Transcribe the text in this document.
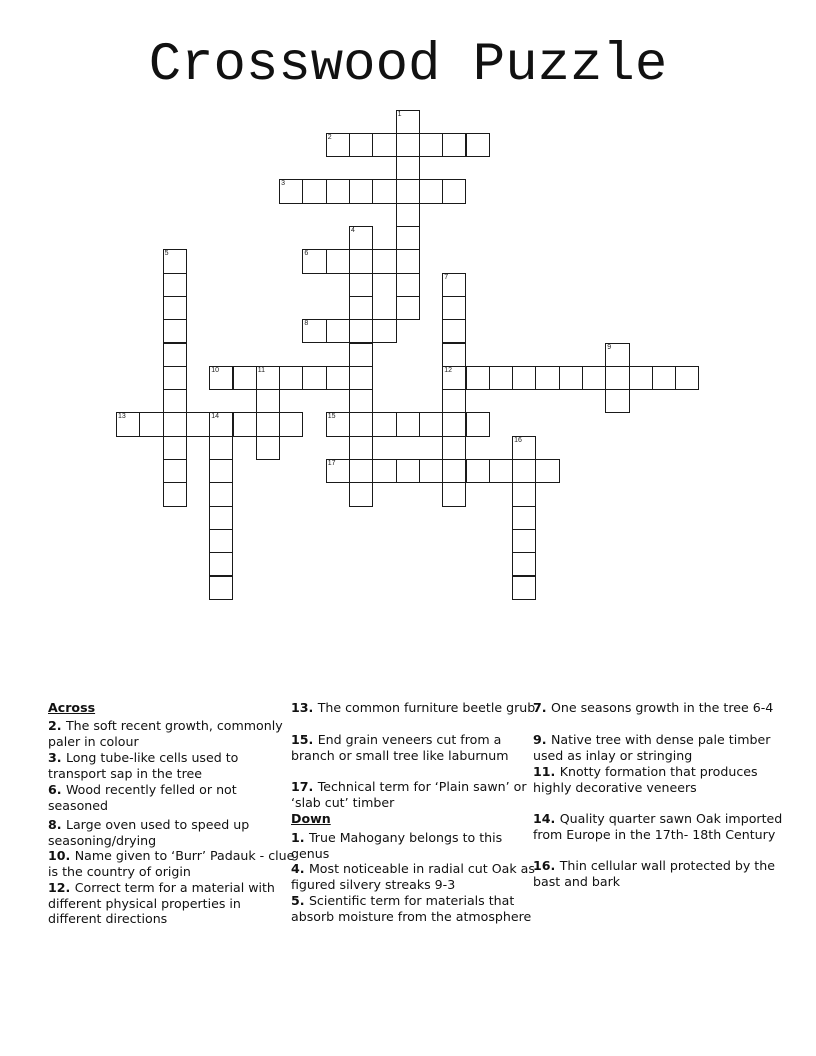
Crosswood Puzzle
1
2
3
4
5	6
7
12
8
9
10	11
13	14	15
16
17
Across
2. The soft recent growth, commonly paler in colour
3. Long tube-like cells used to transport sap in the tree
6. Wood recently felled or not seasoned
8. Large oven used to speed up seasoning/drying
10. Name given to ‘Burr’ Padauk - clue is the country of origin
12. Correct term for a material with different physical properties in different directions
13. The common furniture beetle grub
15. End grain veneers cut from a branch or small tree like laburnum
17. Technical term for ‘Plain sawn’ or ‘slab cut’ timber
Down
1. True Mahogany belongs to this genus
4. Most noticeable in radial cut Oak as figured silvery streaks 9-3
5. Scientific term for materials that absorb moisture from the atmosphere
7. One seasons growth in the tree 6-4
9. Native tree with dense pale timber used as inlay or stringing
11. Knotty formation that produces highly decorative veneers
14. Quality quarter sawn Oak imported from Europe in the 17th- 18th Century
16. Thin cellular wall protected by the bast and bark
